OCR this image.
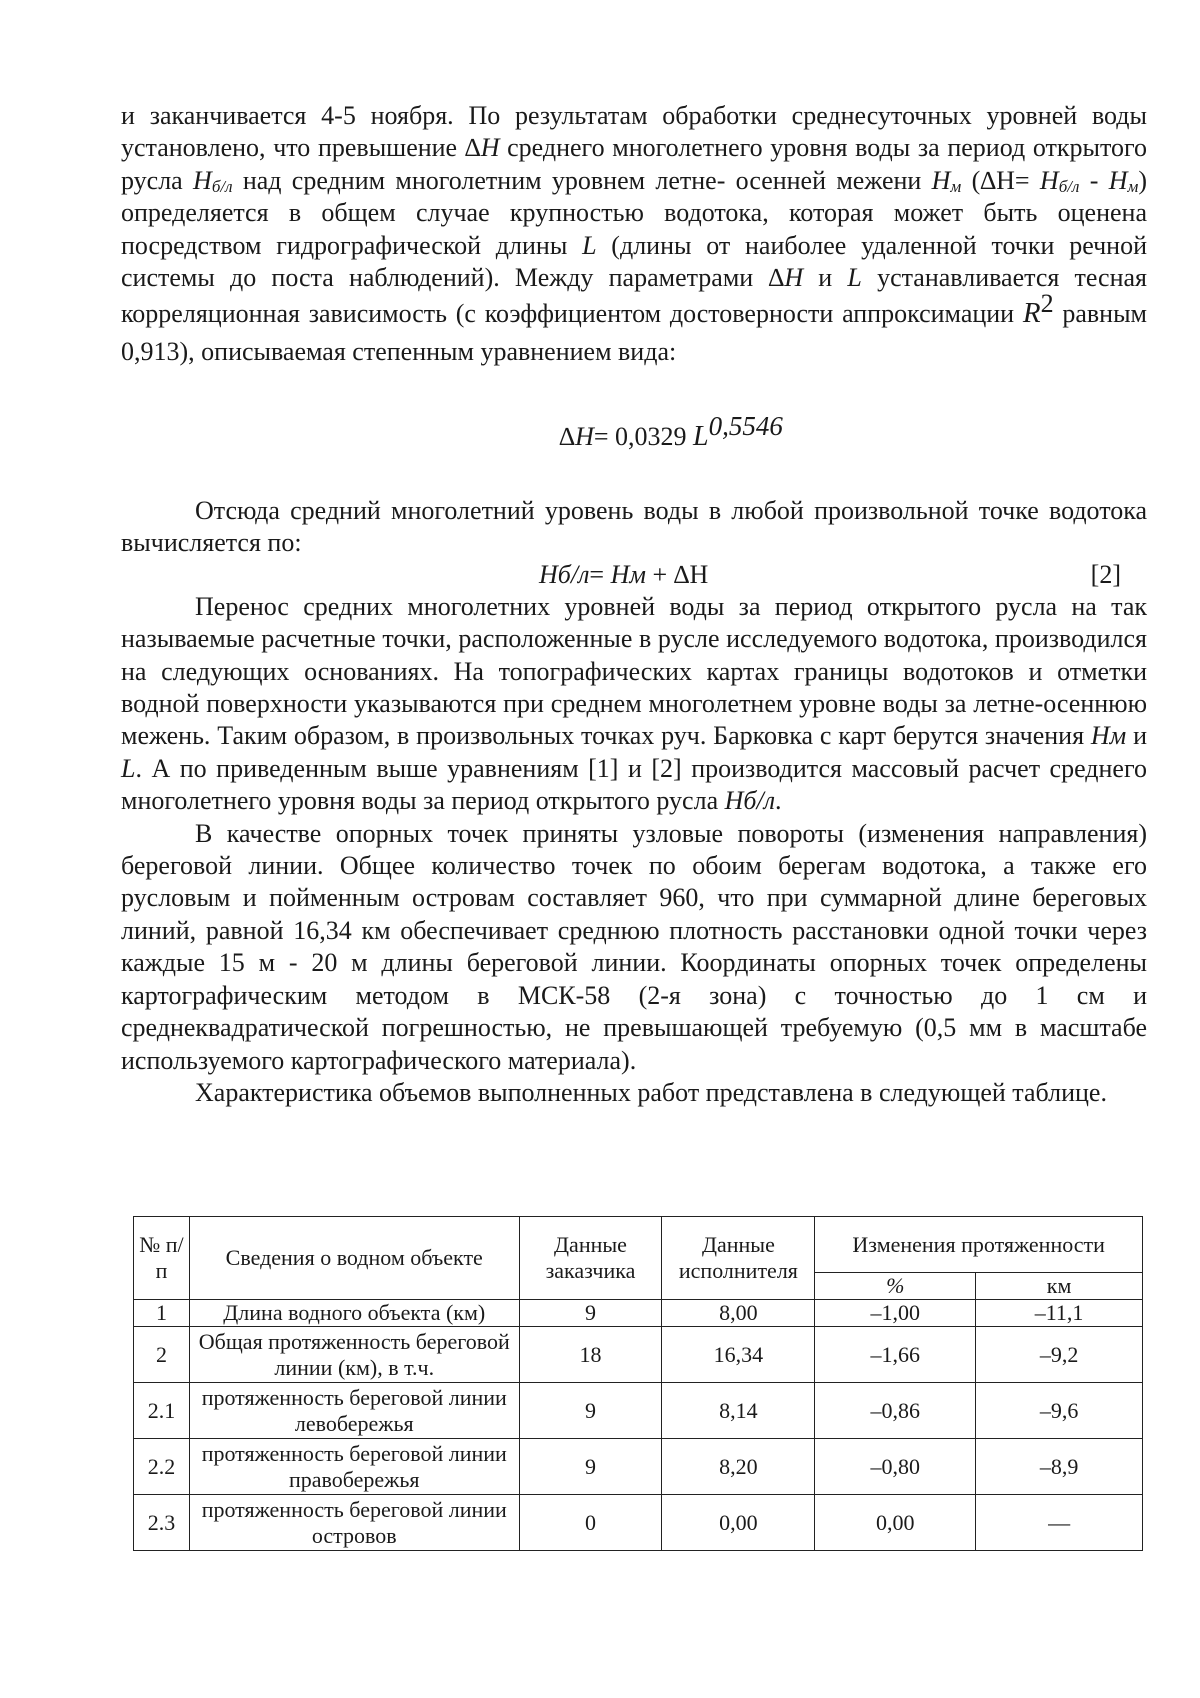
и заканчивается 4-5 ноября. По результатам обработки среднесуточных уровней воды установлено, что превышение ∆H среднего многолетнего уровня воды за период открытого русла $H_{б/л}$ над средним многолетним уровнем летне- осенней межени $H_м$ $(\Delta H= H_{б/л} - H_м)$ определяется в общем случае крупностью водотока, которая может быть оценена посредством гидрографической длины L (длины от наиболее удаленной точки речной системы до поста наблюдений). Между параметрами ∆H и L устанавливается тесная корреляционная зависимость (с коэффициентом достоверности аппроксимации $R^2$ равным 0,913), описываемая степенным уравнением вида:

∆H= 0,0329 $L^{0,5546}$

Отсюда средний многолетний уровень воды в любой произвольной точке водотока вычисляется по:

Нб/л= Нм + ∆H	[2]

Перенос средних многолетних уровней воды за период открытого русла на так называемые расчетные точки, расположенные в русле исследуемого водотока, производился на следующих основаниях. На топографических картах границы водотоков и отметки водной поверхности указываются при среднем многолетнем уровне воды за летне-осеннюю межень. Таким образом, в произвольных точках руч. Барковка с карт берутся значения Нм и L. А по приведенным выше уравнениям [1] и [2] производится массовый расчет среднего многолетнего уровня воды за период открытого русла Нб/л.

В качестве опорных точек приняты узловые повороты (изменения направления) береговой линии. Общее количество точек по обоим берегам водотока, а также его русловым и пойменным островам составляет 960, что при суммарной длине береговых линий, равной 16,34 км обеспечивает среднюю плотность расстановки одной точки через каждые 15 м - 20 м длины береговой линии. Координаты опорных точек определены картографическим методом в МСК-58 (2-я зона) с точностью до 1 см и среднеквадратической погрешностью, не превышающей требуемую (0,5 мм в масштабе используемого картографического материала).

Характеристика объемов выполненных работ представлена в следующей таблице.

№ п/п	Сведения о водном объекте	Данные заказчика	Данные исполнителя	Изменения протяженности	
				%	км
1	Длина водного объекта (км)	9	8,00	–1,00	–11,1
2	Общая протяженность береговой линии (км), в т.ч.	18	16,34	–1,66	–9,2
2.1	протяженность береговой линии левобережья	9	8,14	–0,86	–9,6
2.2	протяженность береговой линии правобережья	9	8,20	–0,80	–8,9
2.3	протяженность береговой линии островов	0	0,00	0,00	—
